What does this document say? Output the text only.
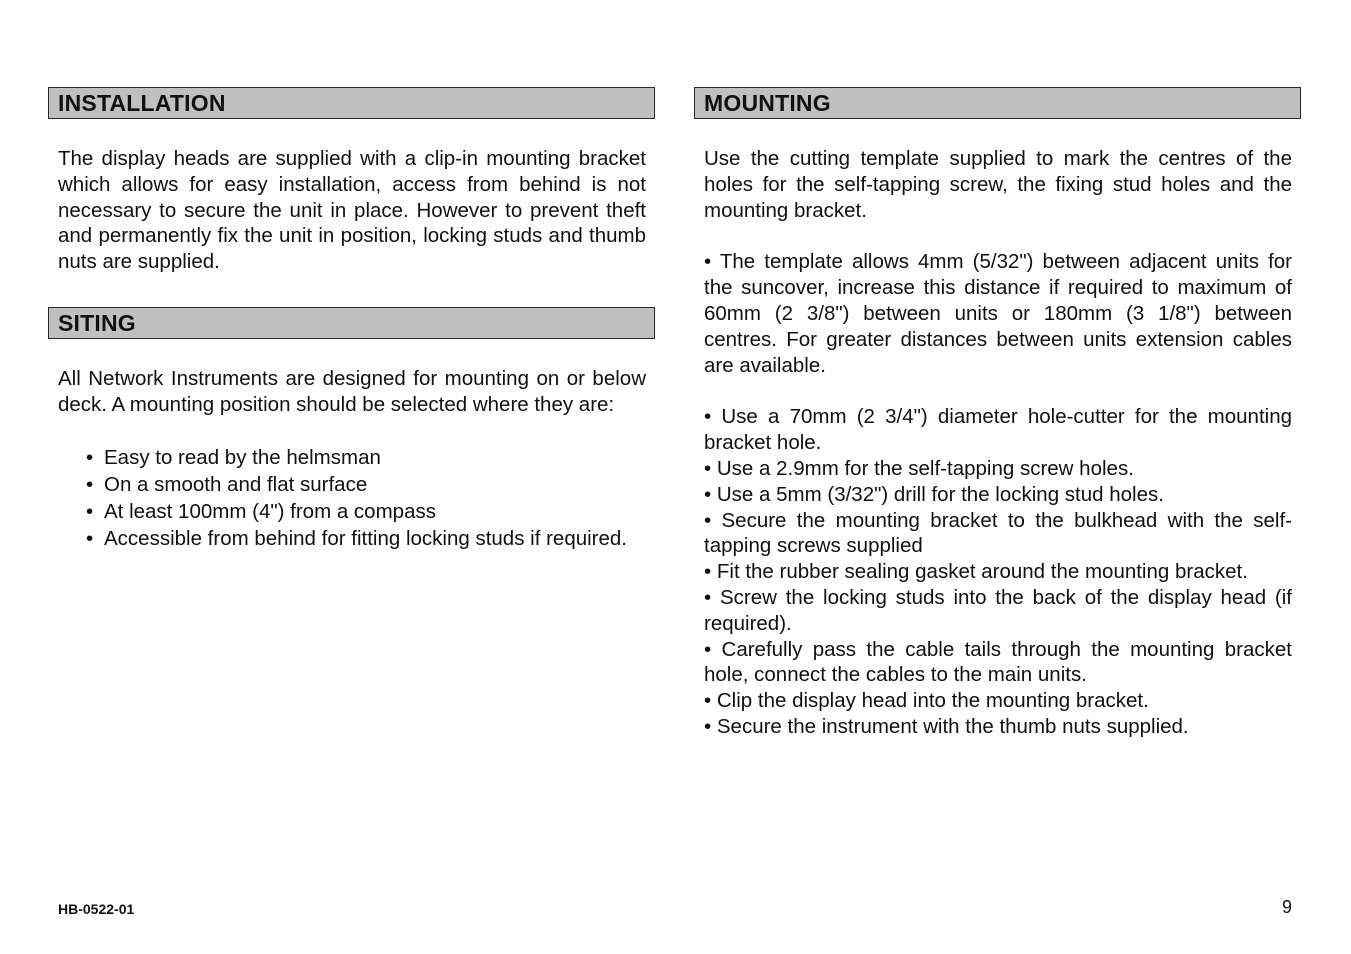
INSTALLATION

The display heads are supplied with a clip-in mounting bracket which allows for easy installation, access from behind is not necessary to secure the unit in place. However to prevent theft and permanently fix the unit in position, locking studs and thumb nuts are supplied.

SITING

All Network Instruments are designed for mounting on or below deck. A mounting position should be selected where they are:

• Easy to read by the helmsman
• On a smooth and flat surface
• At least 100mm (4") from a compass
• Accessible from behind for fitting locking studs if required.
MOUNTING

Use the cutting template supplied to mark the centres of the holes for the self-tapping screw, the fixing stud holes and the mounting bracket.

• The template allows 4mm (5/32") between adjacent units for the suncover, increase this distance if required to maximum of 60mm (2 3/8") between units or 180mm (3 1/8") between centres. For greater distances between units extension cables are available.

• Use a 70mm (2 3/4") diameter hole-cutter for the mounting bracket hole.

• Use a 2.9mm for the self-tapping screw holes.

• Use a 5mm (3/32") drill for the locking stud holes.

• Secure the mounting bracket to the bulkhead with the self-tapping screws supplied

• Fit the rubber sealing gasket around the mounting bracket.

• Screw the locking studs into the back of the display head (if required).

• Carefully pass the cable tails through the mounting bracket hole, connect the cables to the main units.

• Clip the display head into the mounting bracket.

• Secure the instrument with the thumb nuts supplied.

HB-0522-01	9
